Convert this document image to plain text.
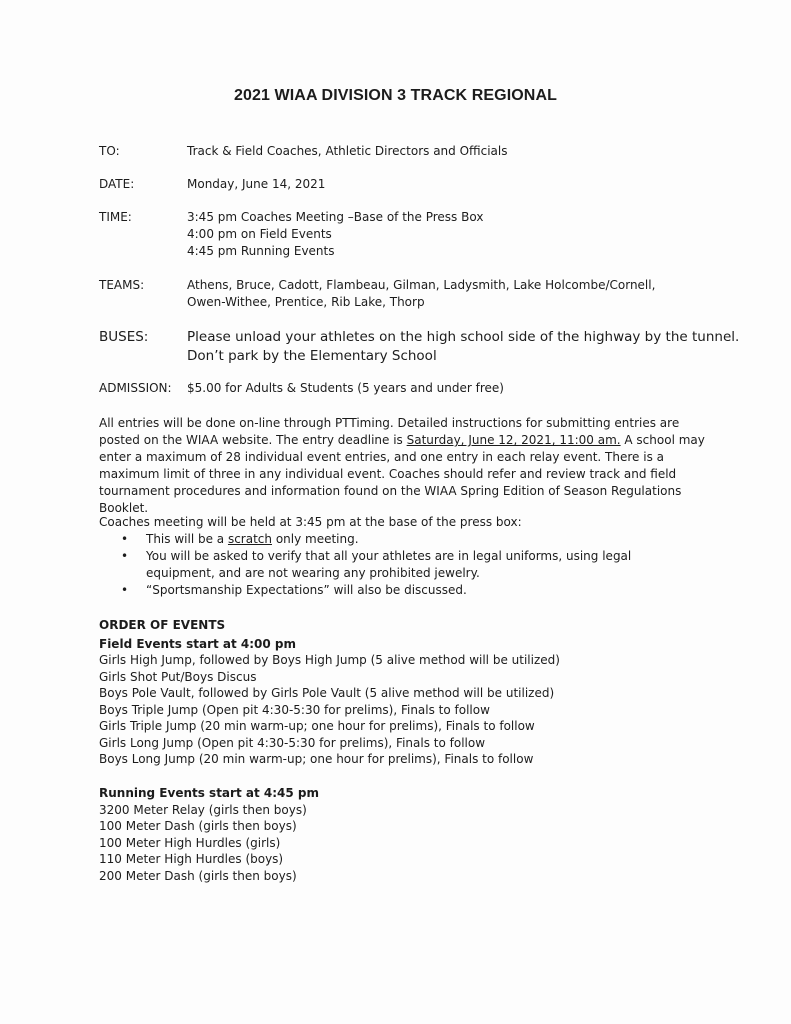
2021 WIAA DIVISION 3 TRACK REGIONAL
TO:	Track & Field Coaches, Athletic Directors and Officials
DATE:	Monday, June 14, 2021
TIME:	3:45 pm Coaches Meeting –Base of the Press Box
4:00 pm on Field Events
4:45 pm Running Events
TEAMS:	Athens, Bruce, Cadott, Flambeau, Gilman, Ladysmith, Lake Holcombe/Cornell,
Owen-Withee, Prentice, Rib Lake, Thorp
BUSES:	Please unload your athletes on the high school side of the highway by the tunnel.
Don’t park by the Elementary School
ADMISSION: $5.00 for Adults & Students (5 years and under free)
All entries will be done on-line through PTTiming. Detailed instructions for submitting entries are posted on the WIAA website. The entry deadline is Saturday, June 12, 2021, 11:00 am. A school may enter a maximum of 28 individual event entries, and one entry in each relay event. There is a maximum limit of three in any individual event. Coaches should refer and review track and field tournament procedures and information found on the WIAA Spring Edition of Season Regulations Booklet.
Coaches meeting will be held at 3:45 pm at the base of the press box:
• This will be a scratch only meeting.
• You will be asked to verify that all your athletes are in legal uniforms, using legal equipment, and are not wearing any prohibited jewelry.
• “Sportsmanship Expectations” will also be discussed.
ORDER OF EVENTS
Field Events start at 4:00 pm
Girls High Jump, followed by Boys High Jump (5 alive method will be utilized)
Girls Shot Put/Boys Discus
Boys Pole Vault, followed by Girls Pole Vault (5 alive method will be utilized)
Boys Triple Jump (Open pit 4:30-5:30 for prelims), Finals to follow
Girls Triple Jump (20 min warm-up; one hour for prelims), Finals to follow
Girls Long Jump (Open pit 4:30-5:30 for prelims), Finals to follow
Boys Long Jump (20 min warm-up; one hour for prelims), Finals to follow
Running Events start at 4:45 pm
3200 Meter Relay (girls then boys)
100 Meter Dash (girls then boys)
100 Meter High Hurdles (girls)
110 Meter High Hurdles (boys)
200 Meter Dash (girls then boys)
